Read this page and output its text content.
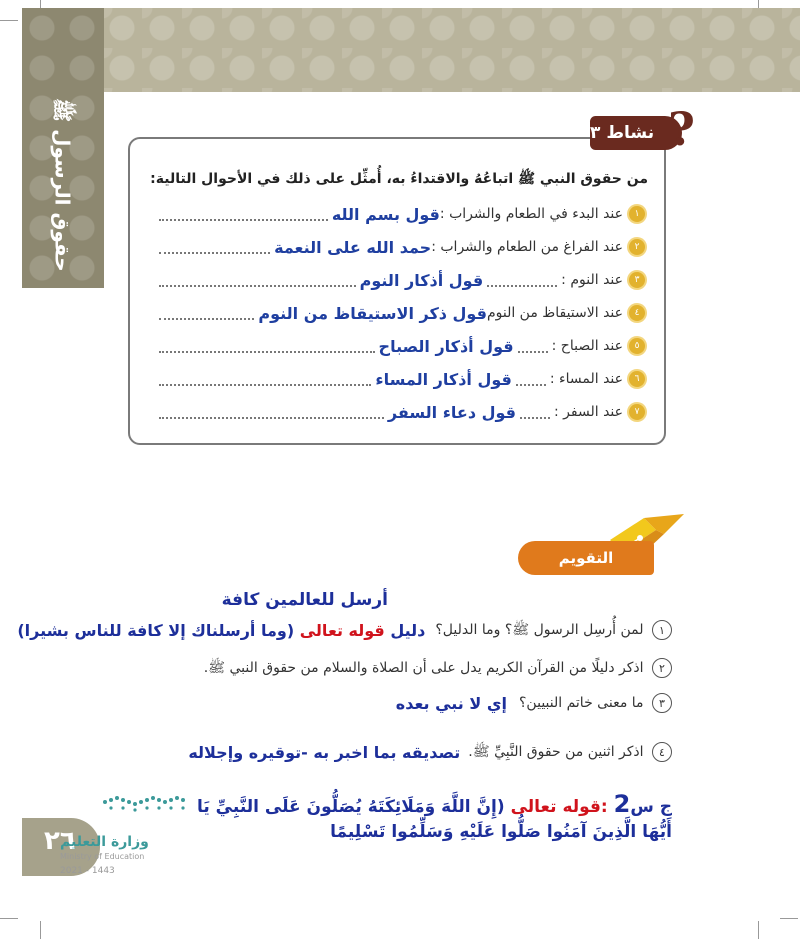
حقوق الرسول ﷺ	نشاط
٣ ?
من حقوق النبي ﷺ اتباعُهُ والاقتداءُ به، أُمثِّل على ذلك في الأحوال التالية:
١
عند البدء في الطعام والشراب :
قول بسم الله
٢
عند الفراغ من الطعام والشراب :
حمد الله على النعمة
٣
عند النوم :
قول أذكار النوم
٤
عند الاستيقاظ من النوم
قول ذكر الاستيقاظ من النوم
٥
عند الصباح :
قول أذكار الصباح
٦
عند المساء :
قول أذكار المساء
٧
عند السفر :
قول دعاء السفر
التقويم
أرسل للعالمين كافة
١ لمن أُرسِل الرسول ﷺ؟ وما الدليل؟
دليل قوله تعالى (وما أرسلناك إلا كافة للناس بشيرا)
٢ اذكر دليلًا من القرآن الكريم يدل على أن الصلاة والسلام من حقوق النبي ﷺ.
٣ ما معنى خاتم النبيين؟
إي لا نبي بعده
٤ اذكر اثنين من حقوق النَّبِيِّ ﷺ.
تصديقه بما اخبر به -توقيره وإجلاله
ج س2 :قوله تعالى (إِنَّ اللَّهَ وَمَلَائِكَتَهُ يُصَلُّونَ عَلَى النَّبِيِّ يَا
أَيُّهَا الَّذِينَ آمَنُوا صَلُّوا عَلَيْهِ وَسَلِّمُوا تَسْلِيمًا
٢٦
وزارة التعليم
Ministry of Education
2021 - 1443
